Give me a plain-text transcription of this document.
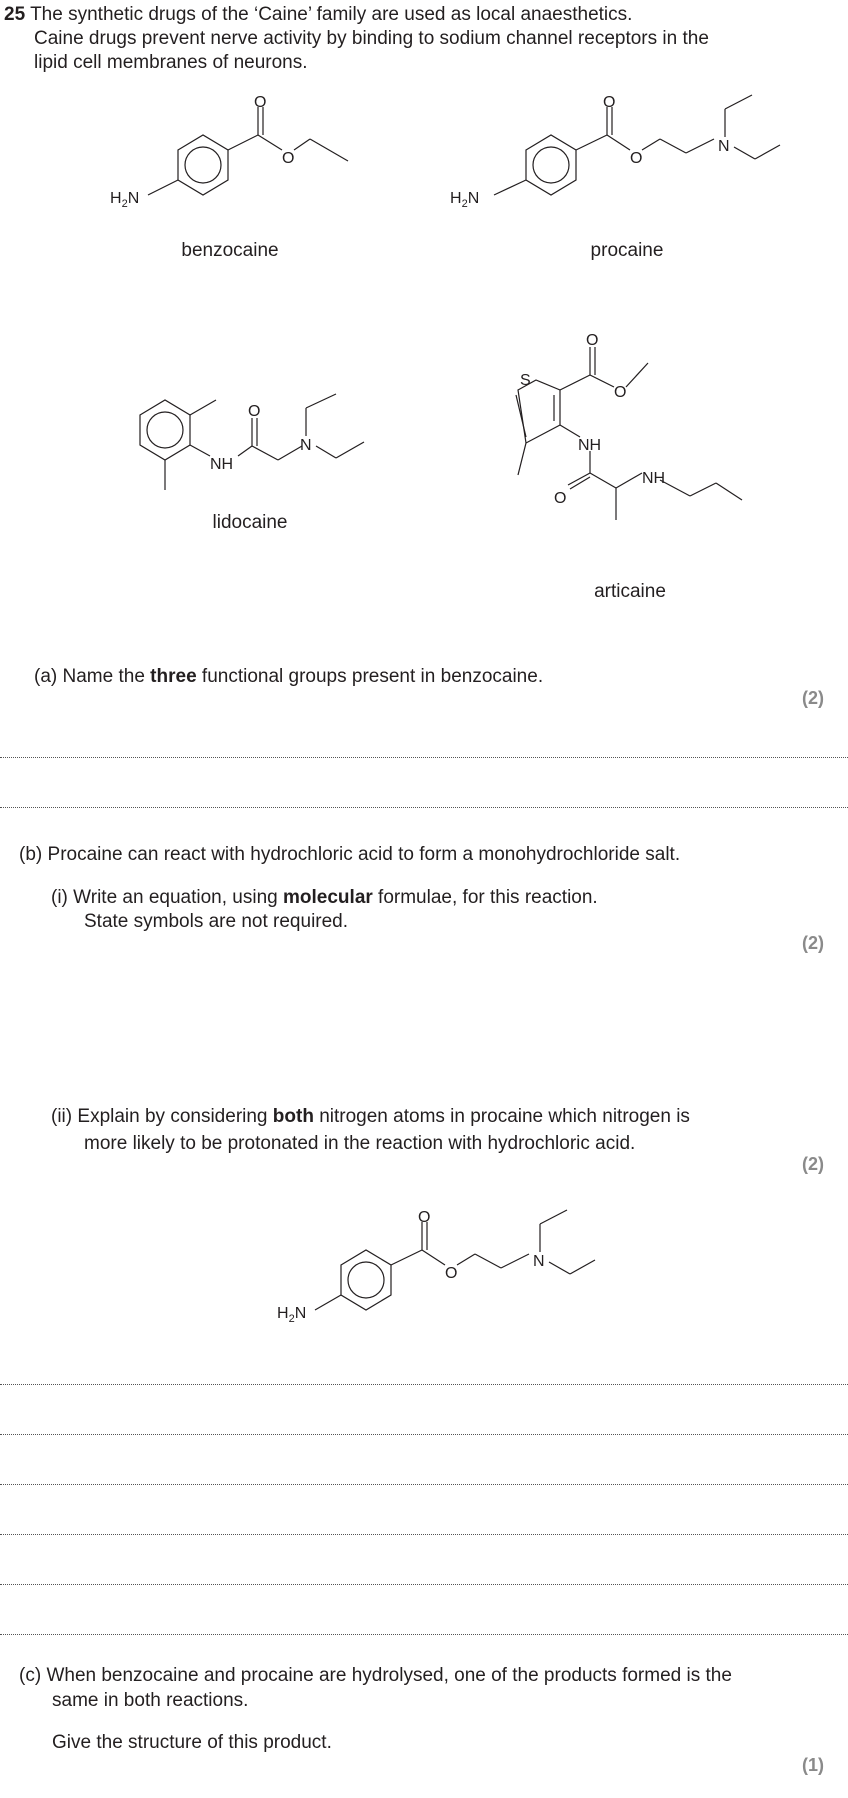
25 The synthetic drugs of the ‘Caine’ family are used as local anaesthetics.
Caine drugs prevent nerve activity by binding to sodium channel receptors in the
lipid cell membranes of neurons.
O
O
$H_2N$
benzocaine
O
O
N
$H_2N$
procaine
O
NH
N
lidocaine
S
O
O
NH
O
NH
articaine
(a) Name the three functional groups present in benzocaine.
(2)
(b) Procaine can react with hydrochloric acid to form a monohydrochloride salt.
(i) Write an equation, using molecular formulae, for this reaction.
State symbols are not required.
(2)
(ii) Explain by considering both nitrogen atoms in procaine which nitrogen is
more likely to be protonated in the reaction with hydrochloric acid.
(2)
O
O
N
$H_2N$
(c) When benzocaine and procaine are hydrolysed, one of the products formed is the
same in both reactions.
Give the structure of this product.
(1)
